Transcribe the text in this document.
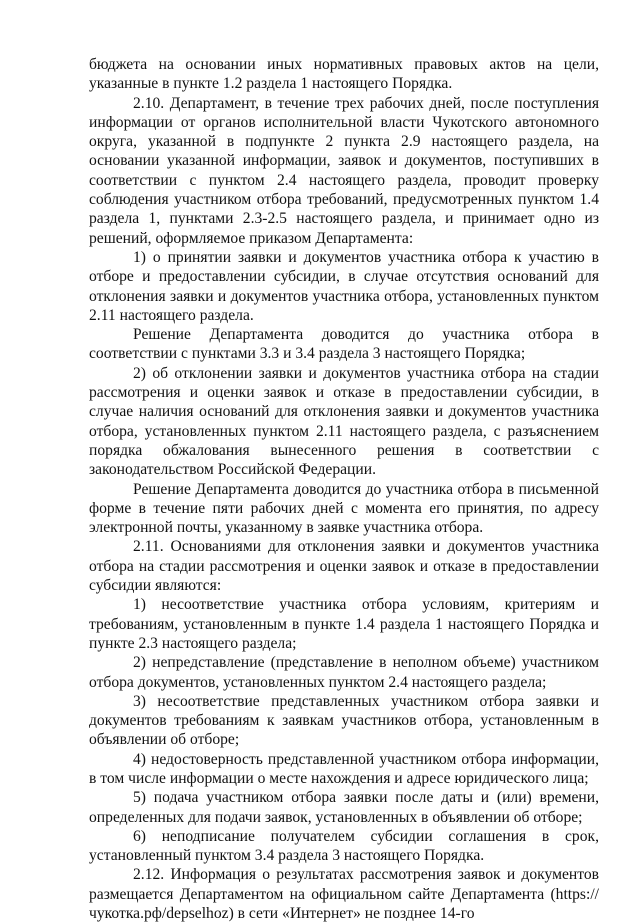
бюджета на основании иных нормативных правовых актов на цели, указанные в пункте 1.2 раздела 1 настоящего Порядка.

2.10. Департамент, в течение трех рабочих дней, после поступления информации от органов исполнительной власти Чукотского автономного округа, указанной в подпункте 2 пункта 2.9 настоящего раздела, на основании указанной информации, заявок и документов, поступивших в соответствии с пунктом 2.4 настоящего раздела, проводит проверку соблюдения участником отбора требований, предусмотренных пунктом 1.4 раздела 1, пунктами 2.3-2.5 настоящего раздела, и принимает одно из решений, оформляемое приказом Департамента:

1) о принятии заявки и документов участника отбора к участию в отборе и предоставлении субсидии, в случае отсутствия оснований для отклонения заявки и документов участника отбора, установленных пунктом 2.11 настоящего раздела.

Решение Департамента доводится до участника отбора в соответствии с пунктами 3.3 и 3.4 раздела 3 настоящего Порядка;

2) об отклонении заявки и документов участника отбора на стадии рассмотрения и оценки заявок и отказе в предоставлении субсидии, в случае наличия оснований для отклонения заявки и документов участника отбора, установленных пунктом 2.11 настоящего раздела, с разъяснением порядка обжалования вынесенного решения в соответствии с законодательством Российской Федерации.

Решение Департамента доводится до участника отбора в письменной форме в течение пяти рабочих дней с момента его принятия, по адресу электронной почты, указанному в заявке участника отбора.

2.11. Основаниями для отклонения заявки и документов участника отбора на стадии рассмотрения и оценки заявок и отказе в предоставлении субсидии являются:

1) несоответствие участника отбора условиям, критериям и требованиям, установленным в пункте 1.4 раздела 1 настоящего Порядка и пункте 2.3 настоящего раздела;

2) непредставление (представление в неполном объеме) участником отбора документов, установленных пунктом 2.4 настоящего раздела;

3) несоответствие представленных участником отбора заявки и документов требованиям к заявкам участников отбора, установленным в объявлении об отборе;

4) недостоверность представленной участником отбора информации, в том числе информации о месте нахождения и адресе юридического лица;

5) подача участником отбора заявки после даты и (или) времени, определенных для подачи заявок, установленных в объявлении об отборе;

6) неподписание получателем субсидии соглашения в срок, установленный пунктом 3.4 раздела 3 настоящего Порядка.

2.12. Информация о результатах рассмотрения заявок и документов размещается Департаментом на официальном сайте Департамента (https://чукотка.рф/depselhoz) в сети «Интернет» не позднее 14-го
